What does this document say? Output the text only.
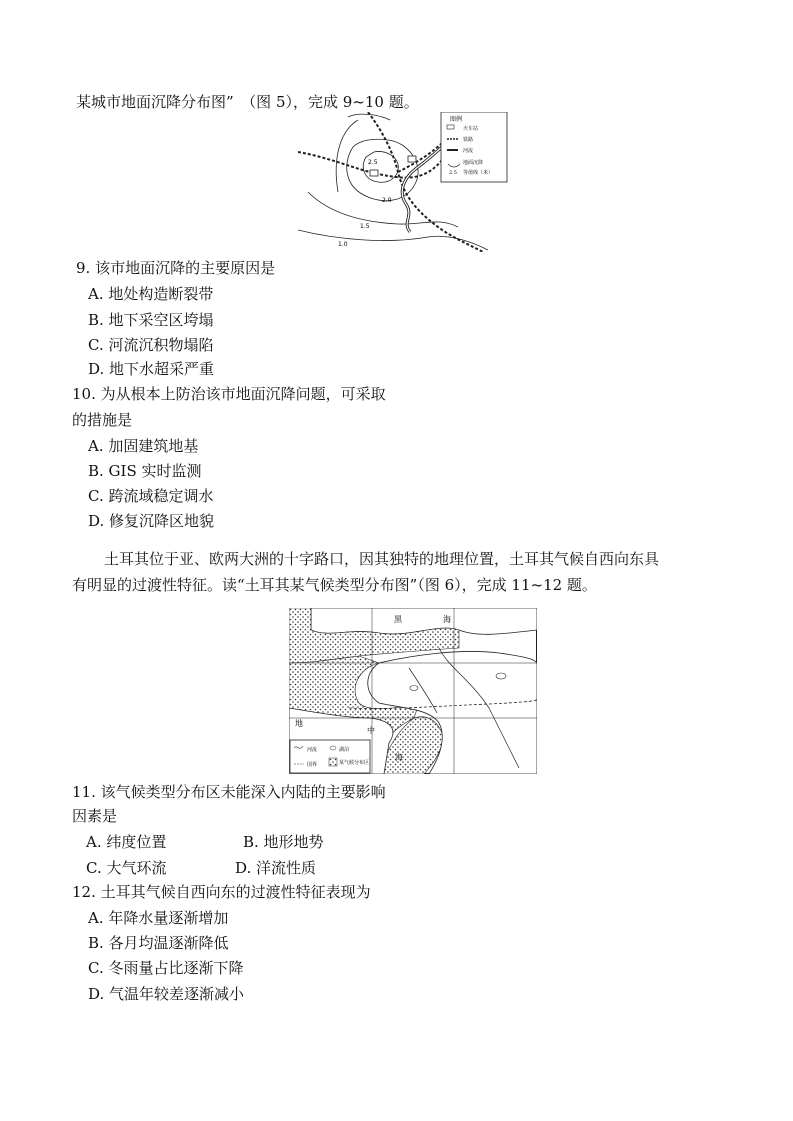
某城市地面沉降分布图”　（图 5），完成 9~10 题。
2.5
2.0
1.5
1.0
图例
火车站
铁路
河流
2.5
地面沉降
等值线（米）
9. 该市地面沉降的主要原因是
A. 地处构造断裂带
B. 地下采空区垮塌
C. 河流沉积物塌陷
D. 地下水超采严重
10. 为从根本上防治该市地面沉降问题，可采取
的措施是
A. 加固建筑地基
B. GIS 实时监测
C. 跨流域稳定调水
D. 修复沉降区地貌
土耳其位于亚、欧两大洲的十字路口，因其独特的地理位置，土耳其气候自西向东具
有明显的过渡性特征。读“土耳其某气候类型分布图”（图 6），完成 11~12 题。
黑	海
地
中
海
河流	湖泊
国界	某气候分布区
11. 该气候类型分布区未能深入内陆的主要影响
因素是
A. 纬度位置	B. 地形地势
C. 大气环流	D. 洋流性质
12. 土耳其气候自西向东的过渡性特征表现为
A. 年降水量逐渐增加
B. 各月均温逐渐降低
C. 冬雨量占比逐渐下降
D. 气温年较差逐渐减小
